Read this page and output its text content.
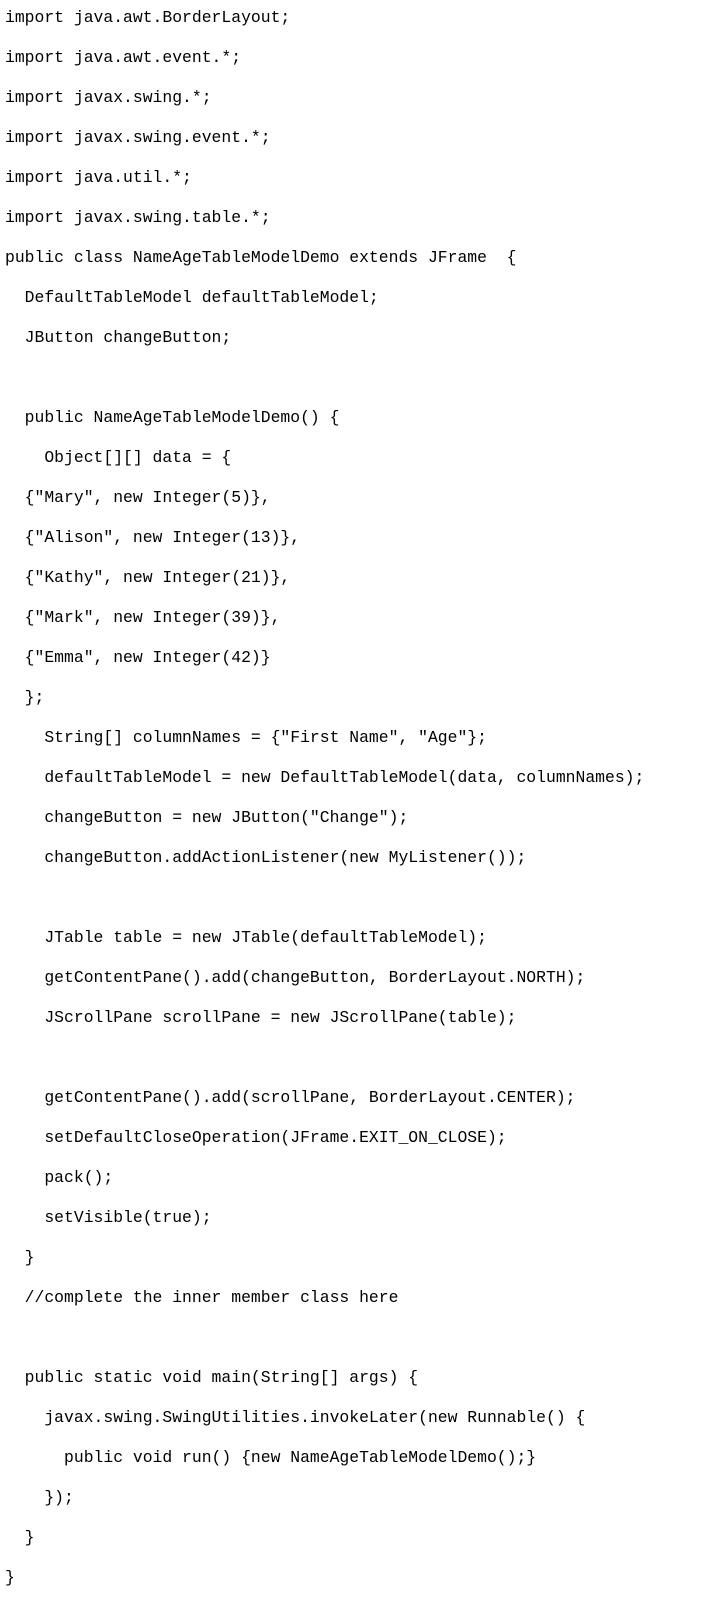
import java.awt.BorderLayout;

import java.awt.event.*;

import javax.swing.*;

import javax.swing.event.*;

import java.util.*;

import javax.swing.table.*;

public class NameAgeTableModelDemo extends JFrame  {

DefaultTableModel defaultTableModel;

JButton changeButton;

public NameAgeTableModelDemo() {

Object[][] data = {

{"Mary", new Integer(5)},

{"Alison", new Integer(13)},

{"Kathy", new Integer(21)},

{"Mark", new Integer(39)},

{"Emma", new Integer(42)}

};

String[] columnNames = {"First Name", "Age"};

defaultTableModel = new DefaultTableModel(data, columnNames);

changeButton = new JButton("Change");

changeButton.addActionListener(new MyListener());

JTable table = new JTable(defaultTableModel);

getContentPane().add(changeButton, BorderLayout.NORTH);

JScrollPane scrollPane = new JScrollPane(table);

getContentPane().add(scrollPane, BorderLayout.CENTER);

setDefaultCloseOperation(JFrame.EXIT_ON_CLOSE);

pack();

setVisible(true);

}

//complete the inner member class here

public static void main(String[] args) {

javax.swing.SwingUtilities.invokeLater(new Runnable() {

public void run() {new NameAgeTableModelDemo();}

});

}

}
